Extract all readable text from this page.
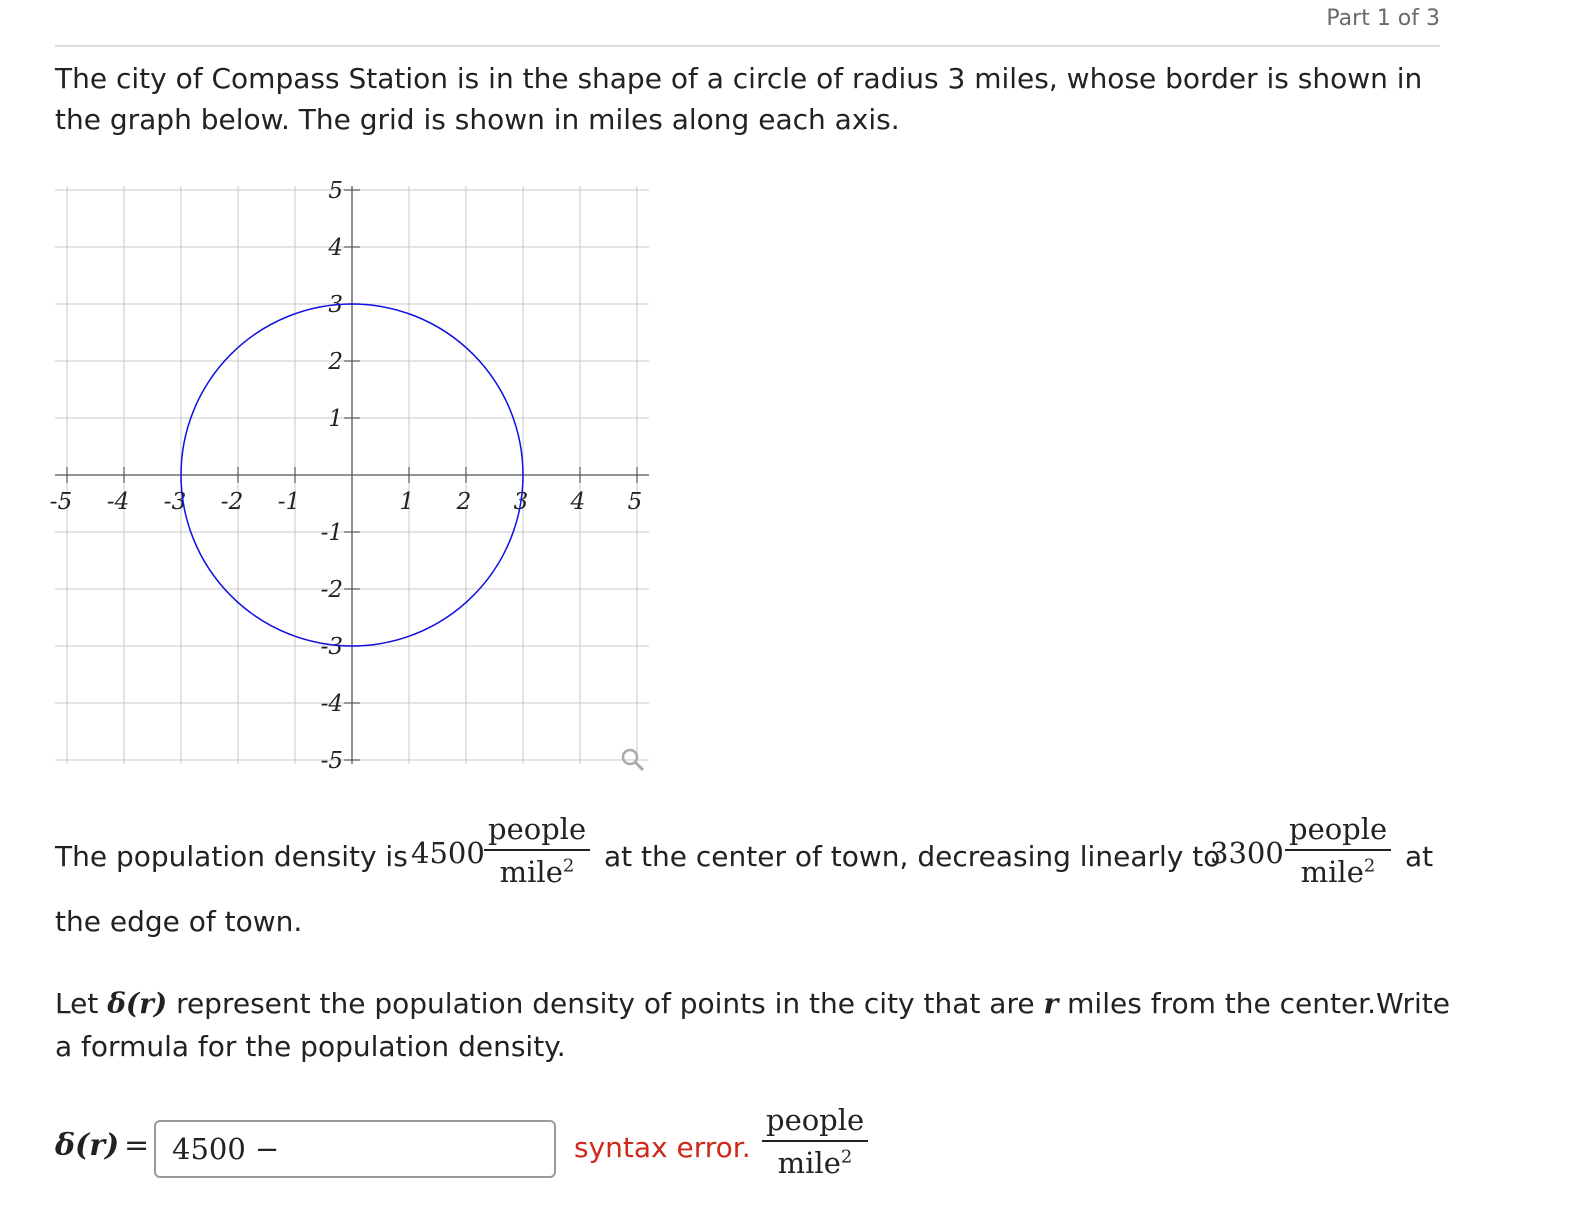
Part 1 of 3
The city of Compass Station is in the shape of a circle of radius 3 miles, whose border is shown in
the graph below. The grid is shown in miles along each axis.
-5 -4 -3 -2 -1	1 2 3 4 5
-5
-4
-3
-2
-1
1
2
3
4
5
The population density is 4500
people
mile$^2$	at the center of town, decreasing linearly to
3300
people
mile$^2$	at
the edge of town.
Let δ(r) represent the population density of points in the city that are r miles from the center.Write
a formula for the population density.
δ(r) = 4500 −	syntax error.
people
mile$^2$
